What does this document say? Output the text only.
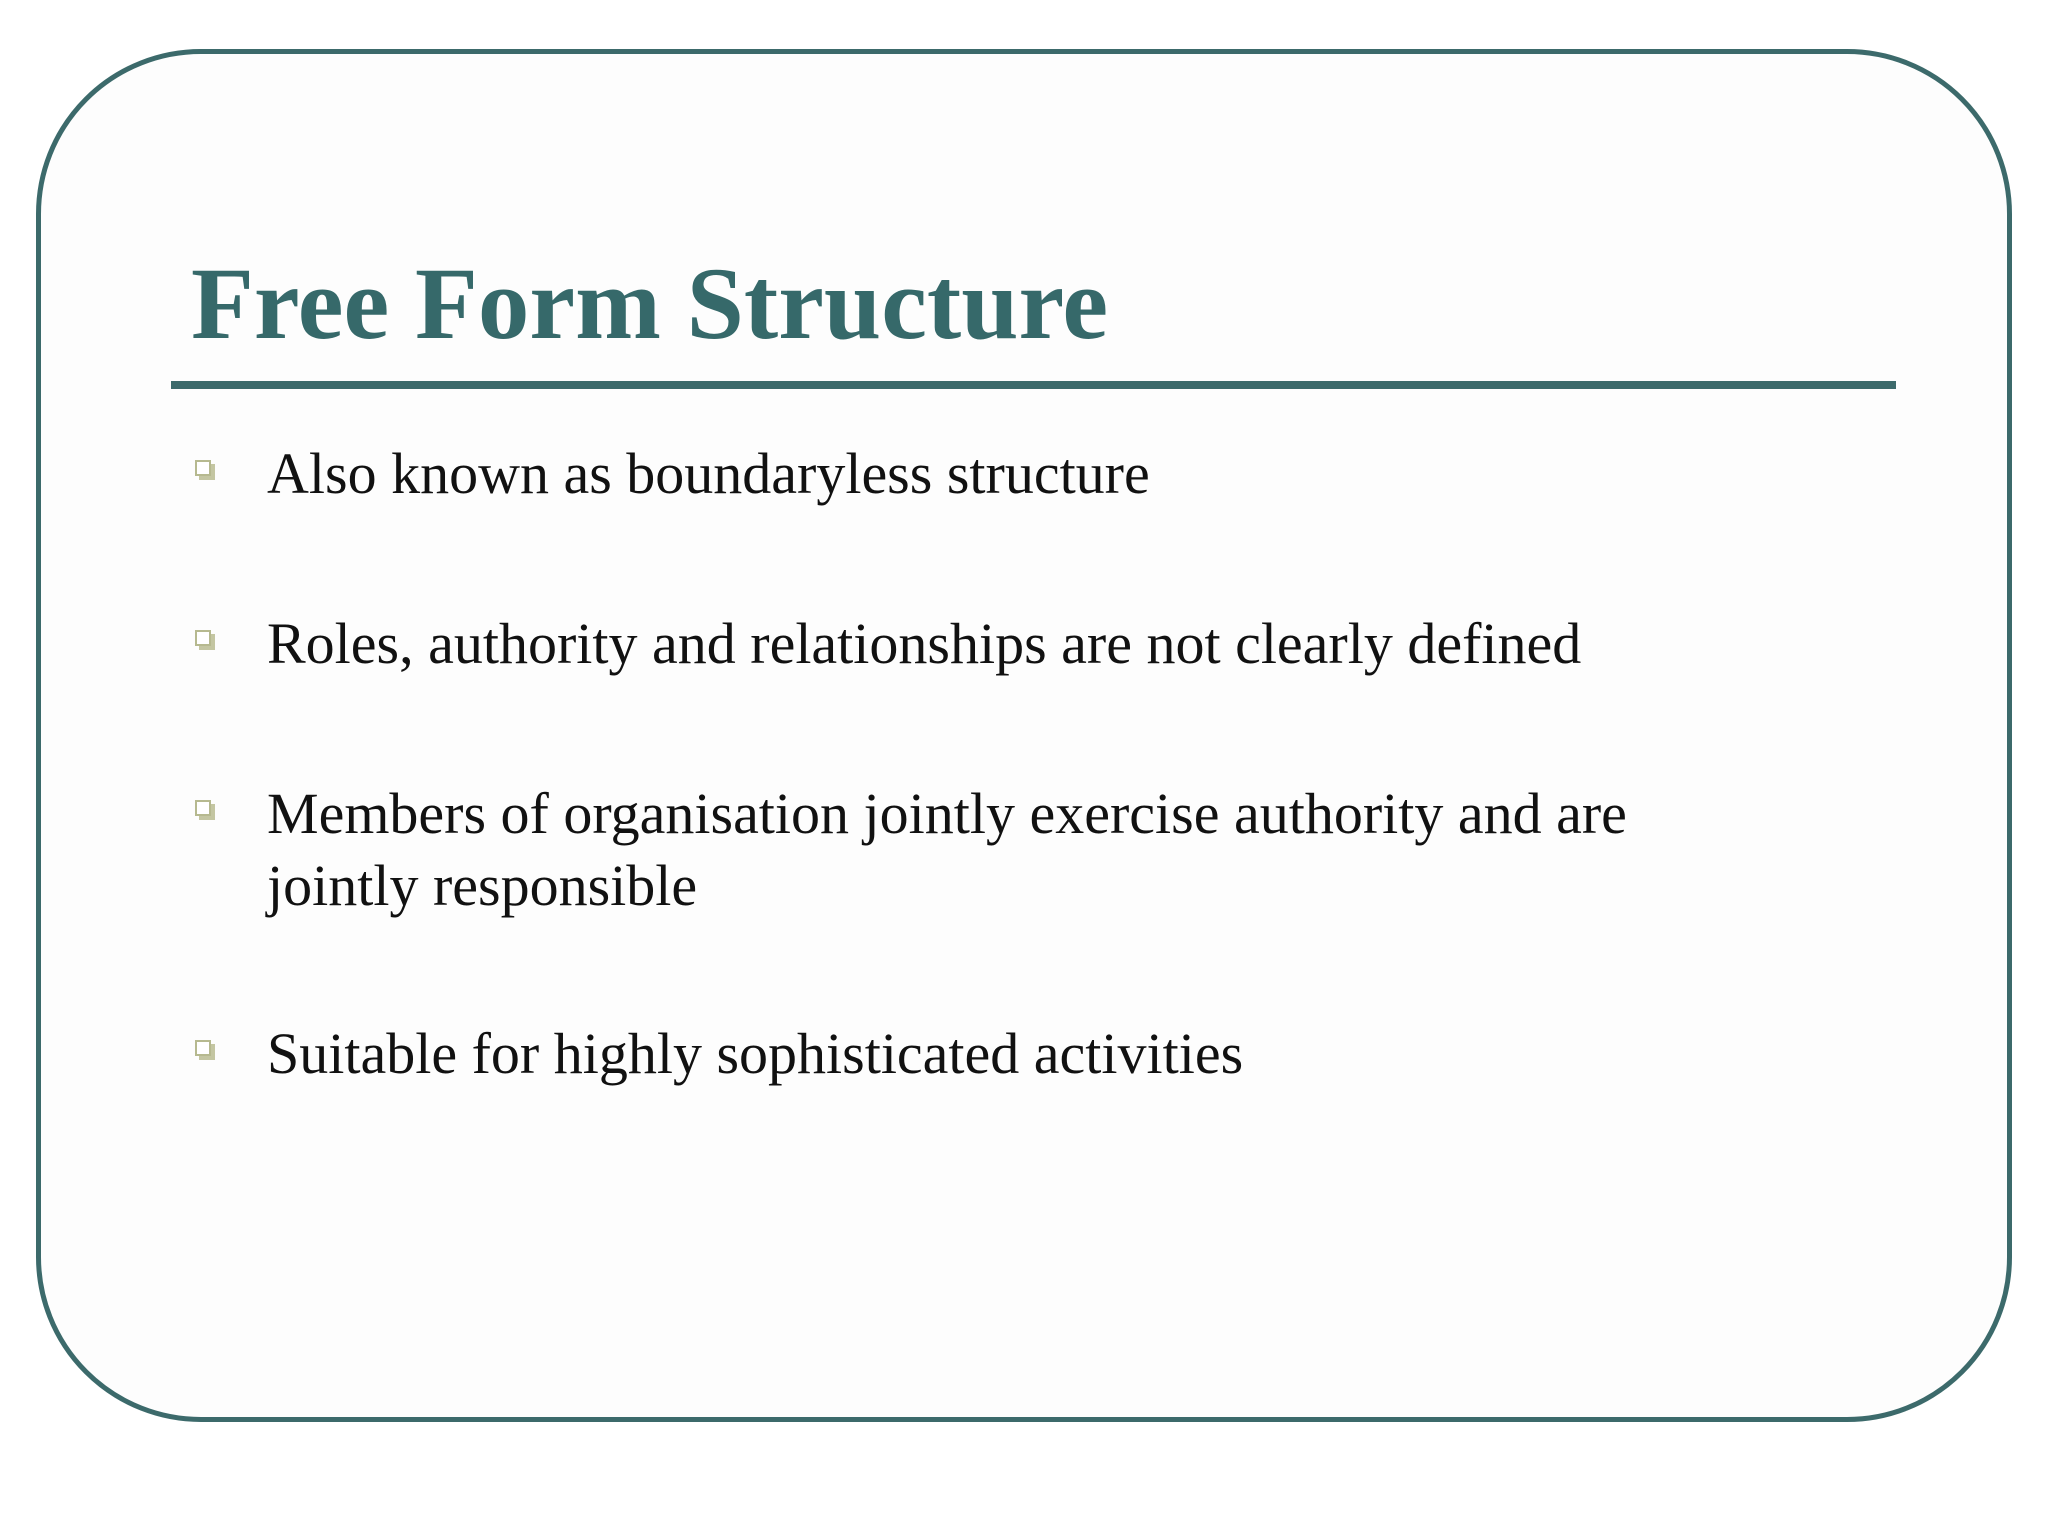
Free Form Structure
Also known as boundaryless structure
Roles, authority and relationships are not clearly defined
Members of organisation jointly exercise authority and are jointly responsible
Suitable for highly sophisticated activities
